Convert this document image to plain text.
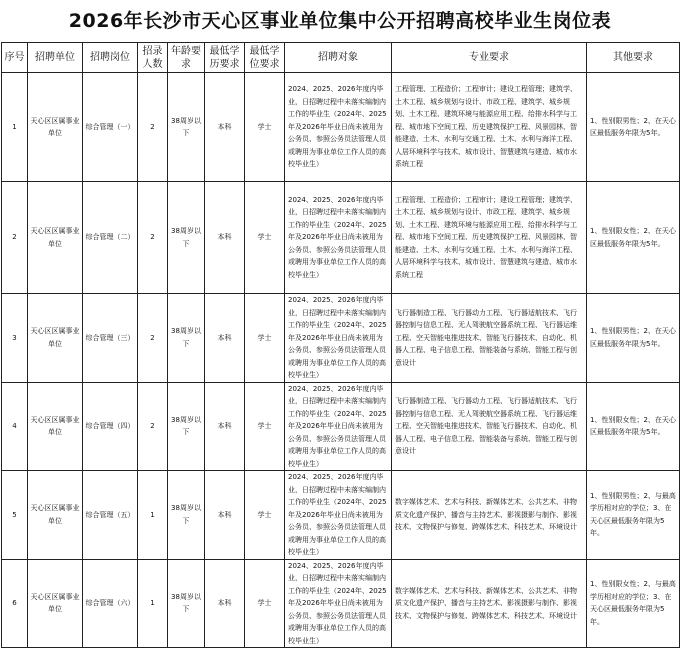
2026年长沙市天心区事业单位集中公开招聘高校毕业生岗位表
序号	招聘单位	招聘岗位	招录人数	年龄要求	最低学历要求	最低学位要求	招聘对象	专业要求	其他要求
1	天心区区属事业单位	综合管理（一）	2	38周岁以下	本科	学士	2024、2025、2026年度内毕业，日招聘过程中未落实编制内工作的毕业生（2024年、2025年及2026年毕业日尚未被用为公务员、参照公务员法管理人员或聘用为事业单位工作人员的高校毕业生）	工程管理、工程造价；工程审计；建设工程管理；建筑学、土木工程、城乡规划与设计、市政工程、建筑学、城乡规划、土木工程、建筑环境与能源应用工程、给排水科学与工程、城市地下空间工程、历史建筑保护工程、风景园林、智能建造、土木、水利与交通工程、土木、水利与海洋工程、人居环境科学与技术、城市设计、智慧建筑与建造、城市水系统工程	1、性别限男性；2、在天心区最低服务年限为5年。
2	天心区区属事业单位	综合管理（二）	2	38周岁以下	本科	学士	2024、2025、2026年度内毕业，日招聘过程中未落实编制内工作的毕业生（2024年、2025年及2026年毕业日尚未被用为公务员、参照公务员法管理人员或聘用为事业单位工作人员的高校毕业生）	工程管理、工程造价；工程审计；建设工程管理；建筑学、土木工程、城乡规划与设计、市政工程、建筑学、城乡规划、土木工程、建筑环境与能源应用工程、给排水科学与工程、城市地下空间工程、历史建筑保护工程、风景园林、智能建造、土木、水利与交通工程、土木、水利与海洋工程、人居环境科学与技术、城市设计、智慧建筑与建造、城市水系统工程	1、性别限女性；2、在天心区最低服务年限为5年。
3	天心区区属事业单位	综合管理（三）	2	38周岁以下	本科	学士	2024、2025、2026年度内毕业，日招聘过程中未落实编制内工作的毕业生（2024年、2025年及2026年毕业日尚未被用为公务员、参照公务员法管理人员或聘用为事业单位工作人员的高校毕业生）	飞行器制造工程、飞行器动力工程、飞行器适航技术、飞行器控制与信息工程、无人驾驶航空器系统工程、飞行器运维工程、空天智能电推进技术、智能飞行器技术、自动化、机器人工程、电子信息工程、智能装备与系统、智能工程与创意设计	1、性别限男性；2、在天心区最低服务年限为5年。
4	天心区区属事业单位	综合管理（四）	2	38周岁以下	本科	学士	2024、2025、2026年度内毕业，日招聘过程中未落实编制内工作的毕业生（2024年、2025年及2026年毕业日尚未被用为公务员、参照公务员法管理人员或聘用为事业单位工作人员的高校毕业生）	飞行器制造工程、飞行器动力工程、飞行器适航技术、飞行器控制与信息工程、无人驾驶航空器系统工程、飞行器运维工程、空天智能电推进技术、智能飞行器技术、自动化、机器人工程、电子信息工程、智能装备与系统、智能工程与创意设计	1、性别限女性；2、在天心区最低服务年限为5年。
5	天心区区属事业单位	综合管理（五）	1	38周岁以下	本科	学士	2024、2025、2026年度内毕业，日招聘过程中未落实编制内工作的毕业生（2024年、2025年及2026年毕业日尚未被用为公务员、参照公务员法管理人员或聘用为事业单位工作人员的高校毕业生）	数字媒体艺术、艺术与科技、新媒体艺术、公共艺术、非物质文化遗产保护、播音与主持艺术、影视摄影与制作、影视技术、文物保护与修复、跨媒体艺术、科技艺术、环境设计	1、性别限男性；2、与最高学历相对应的学位；3、在天心区最低服务年限为5年。
6	天心区区属事业单位	综合管理（六）	1	38周岁以下	本科	学士	2024、2025、2026年度内毕业，日招聘过程中未落实编制内工作的毕业生（2024年、2025年及2026年毕业日尚未被用为公务员、参照公务员法管理人员或聘用为事业单位工作人员的高校毕业生）	数字媒体艺术、艺术与科技、新媒体艺术、公共艺术、非物质文化遗产保护、播音与主持艺术、影视摄影与制作、影视技术、文物保护与修复、跨媒体艺术、科技艺术、环境设计	1、性别限女性；2、与最高学历相对应的学位；3、在天心区最低服务年限为5年。
